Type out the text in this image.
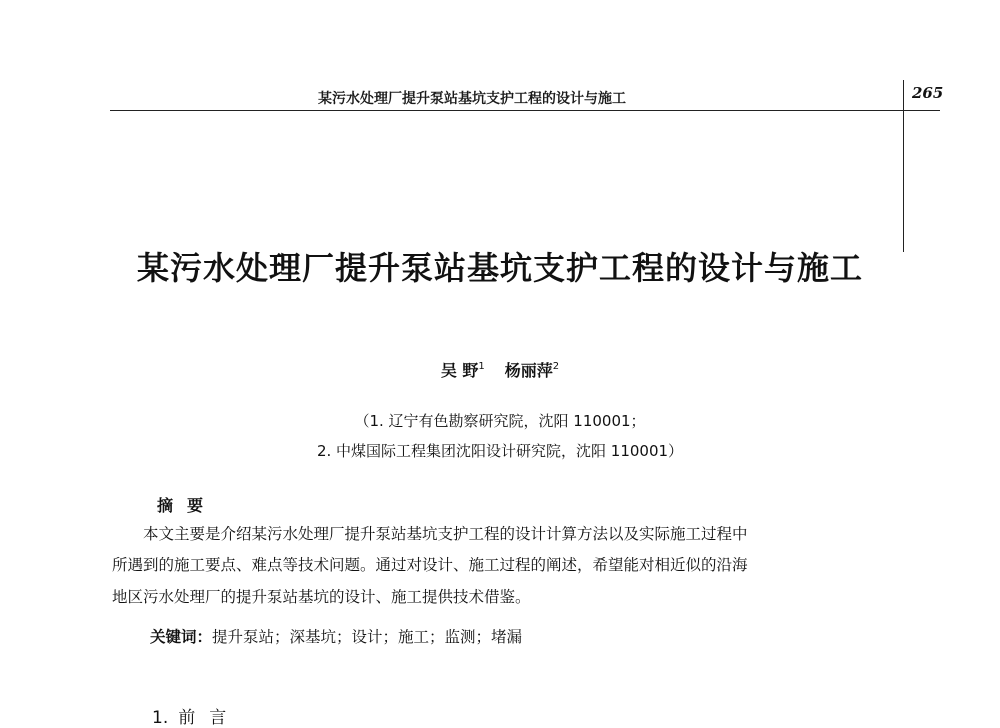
某污水处理厂提升泵站基坑支护工程的设计与施工	265
某污水处理厂提升泵站基坑支护工程的设计与施工
吴 野$^1$ 杨丽萍$^2$
（1. 辽宁有色勘察研究院，沈阳 110001；
2. 中煤国际工程集团沈阳设计研究院，沈阳 110001）
摘要
本文主要是介绍某污水处理厂提升泵站基坑支护工程的设计计算方法以及实际施工过程中
所遇到的施工要点、难点等技术问题。通过对设计、施工过程的阐述，希望能对相近似的沿海
地区污水处理厂的提升泵站基坑的设计、施工提供技术借鉴。
关键词：提升泵站；深基坑；设计；施工；监测；堵漏
1. 前言
